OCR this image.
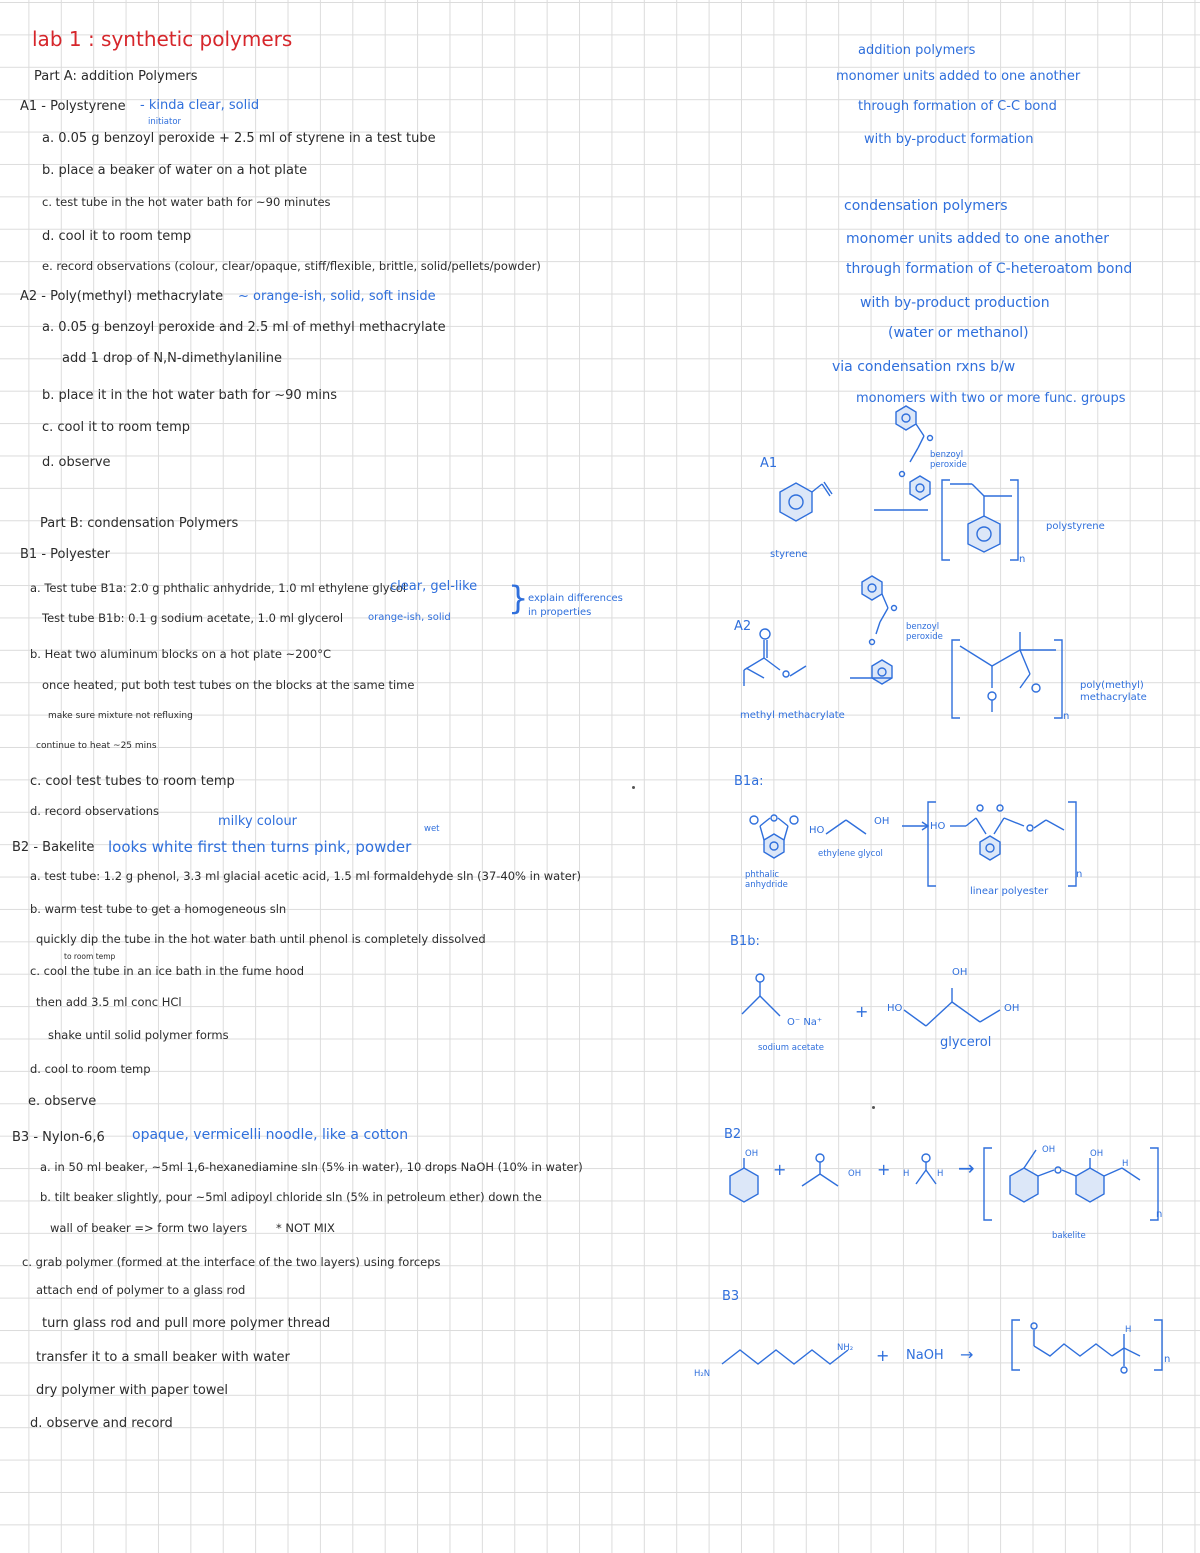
lab 1 : synthetic polymers
Part A: addition Polymers
A1 - Polystyrene - kinda clear, solid
initiator
a. 0.05 g benzoyl peroxide + 2.5 ml of styrene in a test tube
b. place a beaker of water on a hot plate
c. test tube in the hot water bath for ~90 minutes
d. cool it to room temp
e. record observations (colour, clear/opaque, stiff/flexible, brittle, solid/pellets/powder)
A2 - Poly(methyl) methacrylate ~ orange-ish, solid, soft inside
a. 0.05 g benzoyl peroxide and 2.5 ml of methyl methacrylate
add 1 drop of N,N-dimethylaniline
b. place it in the hot water bath for ~90 mins
c. cool it to room temp
d. observe
Part B: condensation Polymers
B1 - Polyester
a. Test tube B1a: 2.0 g phthalic anhydride, 1.0 ml ethylene glycol
clear, gel-like
Test tube B1b: 0.1 g sodium acetate, 1.0 ml glycerol orange-ish, solid
} explain differences in properties
b. Heat two aluminum blocks on a hot plate ~200°C
once heated, put both test tubes on the blocks at the same time
make sure mixture not refluxing
continue to heat ~25 mins
c. cool test tubes to room temp
d. record observations
milky colour	wet
B2 - Bakelite looks white first then turns pink, powder
a. test tube: 1.2 g phenol, 3.3 ml glacial acetic acid, 1.5 ml formaldehyde sln (37-40% in water)
b. warm test tube to get a homogeneous sln
quickly dip the tube in the hot water bath until phenol is completely dissolved
to room temp
c. cool the tube in an ice bath in the fume hood
then add 3.5 ml conc HCl
shake until solid polymer forms
d. cool to room temp
e. observe
B3 - Nylon-6,6 opaque, vermicelli noodle, like a cotton
a. in 50 ml beaker, ~5ml 1,6-hexanediamine sln (5% in water), 10 drops NaOH (10% in water)
b. tilt beaker slightly, pour ~5ml adipoyl chloride sln (5% in petroleum ether) down the
wall of beaker => form two layers	* NOT MIX
c. grab polymer (formed at the interface of the two layers) using forceps
attach end of polymer to a glass rod
turn glass rod and pull more polymer thread
transfer it to a small beaker with water
dry polymer with paper towel
d. observe and record
addition polymers
monomer units added to one another
through formation of C-C bond
with by-product formation
condensation polymers
monomer units added to one another
through formation of C-heteroatom bond
with by-product production
(water or methanol)
via condensation rxns b/w
monomers with two or more func. groups
A1
benzoyl peroxide
styrene
polystyrene
n
A2	benzoyl peroxide
methyl methacrylate
poly(methyl) methacrylate
n
B1a:
phthalic anhydride
HO
OH
ethylene glycol
HO
linear polyester
n
B1b:
O⁻ Na⁺
+ HO
OH
OH
sodium acetate	glycerol
B2
+	+	→
bakelite
n
OH
OH	H	H
OH	OH
H
B3
H₂N
NH₂ + NaOH →	n
H
